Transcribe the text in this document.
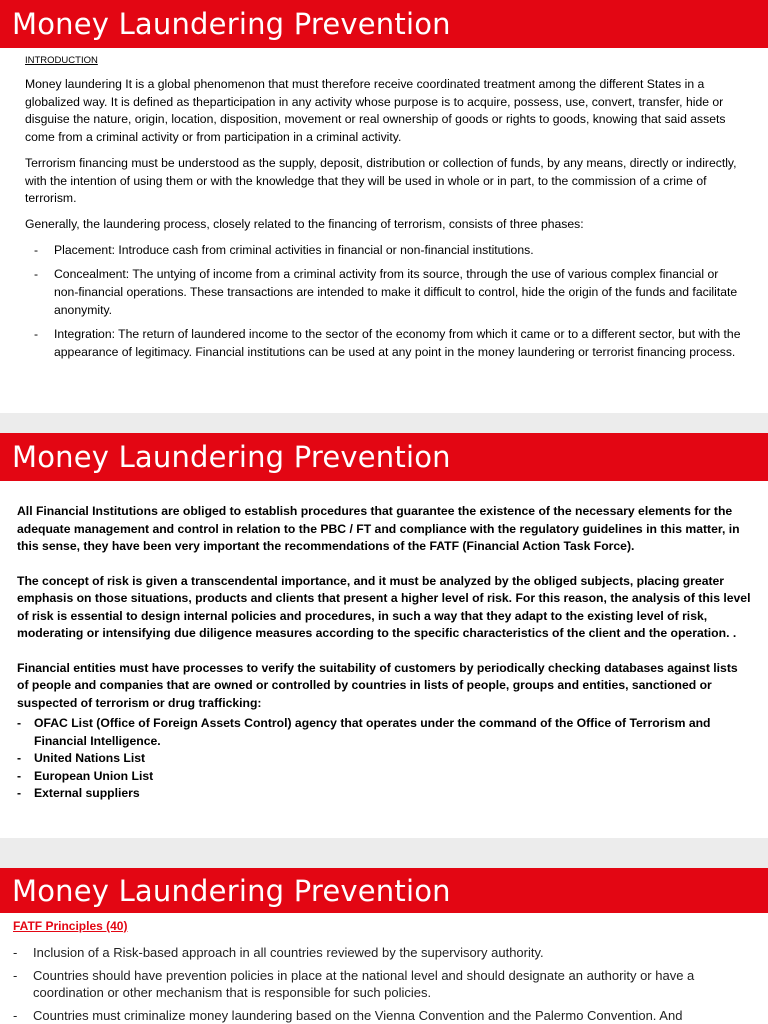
Money Laundering Prevention
INTRODUCTION

Money laundering It is a global phenomenon that must therefore receive coordinated treatment among the different States in a globalized way. It is defined as theparticipation in any activity whose purpose is to acquire, possess, use, convert, transfer, hide or disguise the nature, origin, location, disposition, movement or real ownership of goods or rights to goods, knowing that said assets come from a criminal activity or from participation in a criminal activity.

Terrorism financing must be understood as the supply, deposit, distribution or collection of funds, by any means, directly or indirectly, with the intention of using them or with the knowledge that they will be used in whole or in part, to the commission of a crime of terrorism.

Generally, the laundering process, closely related to the financing of terrorism, consists of three phases:

- Placement: Introduce cash from criminal activities in financial or non-financial institutions.
- Concealment: The untying of income from a criminal activity from its source, through the use of various complex financial or non-financial operations. These transactions are intended to make it difficult to control, hide the origin of the funds and facilitate anonymity.
- Integration: The return of laundered income to the sector of the economy from which it came or to a different sector, but with the appearance of legitimacy. Financial institutions can be used at any point in the money laundering or terrorist financing process.
Money Laundering Prevention

All Financial Institutions are obliged to establish procedures that guarantee the existence of the necessary elements for the adequate management and control in relation to the PBC / FT and compliance with the regulatory guidelines in this matter, in this sense, they have been very important the recommendations of the FATF (Financial Action Task Force).

The concept of risk is given a transcendental importance, and it must be analyzed by the obliged subjects, placing greater emphasis on those situations, products and clients that present a higher level of risk. For this reason, the analysis of this level of risk is essential to design internal policies and procedures, in such a way that they adapt to the existing level of risk, moderating or intensifying due diligence measures according to the specific characteristics of the client and the operation. .

Financial entities must have processes to verify the suitability of customers by periodically checking databases against lists of people and companies that are owned or controlled by countries in lists of people, groups and entities, sanctioned or suspected of terrorism or drug trafficking:

- OFAC List (Office of Foreign Assets Control) agency that operates under the command of the Office of Terrorism and Financial Intelligence.
- United Nations List
- European Union List
- External suppliers
Money Laundering Prevention
FATF Principles (40)
- Inclusion of a Risk-based approach in all countries reviewed by the supervisory authority.
- Countries should have prevention policies in place at the national level and should designate an authority or have a coordination or other mechanism that is responsible for such policies.
- Countries must criminalize money laundering based on the Vienna Convention and the Palermo Convention. And
